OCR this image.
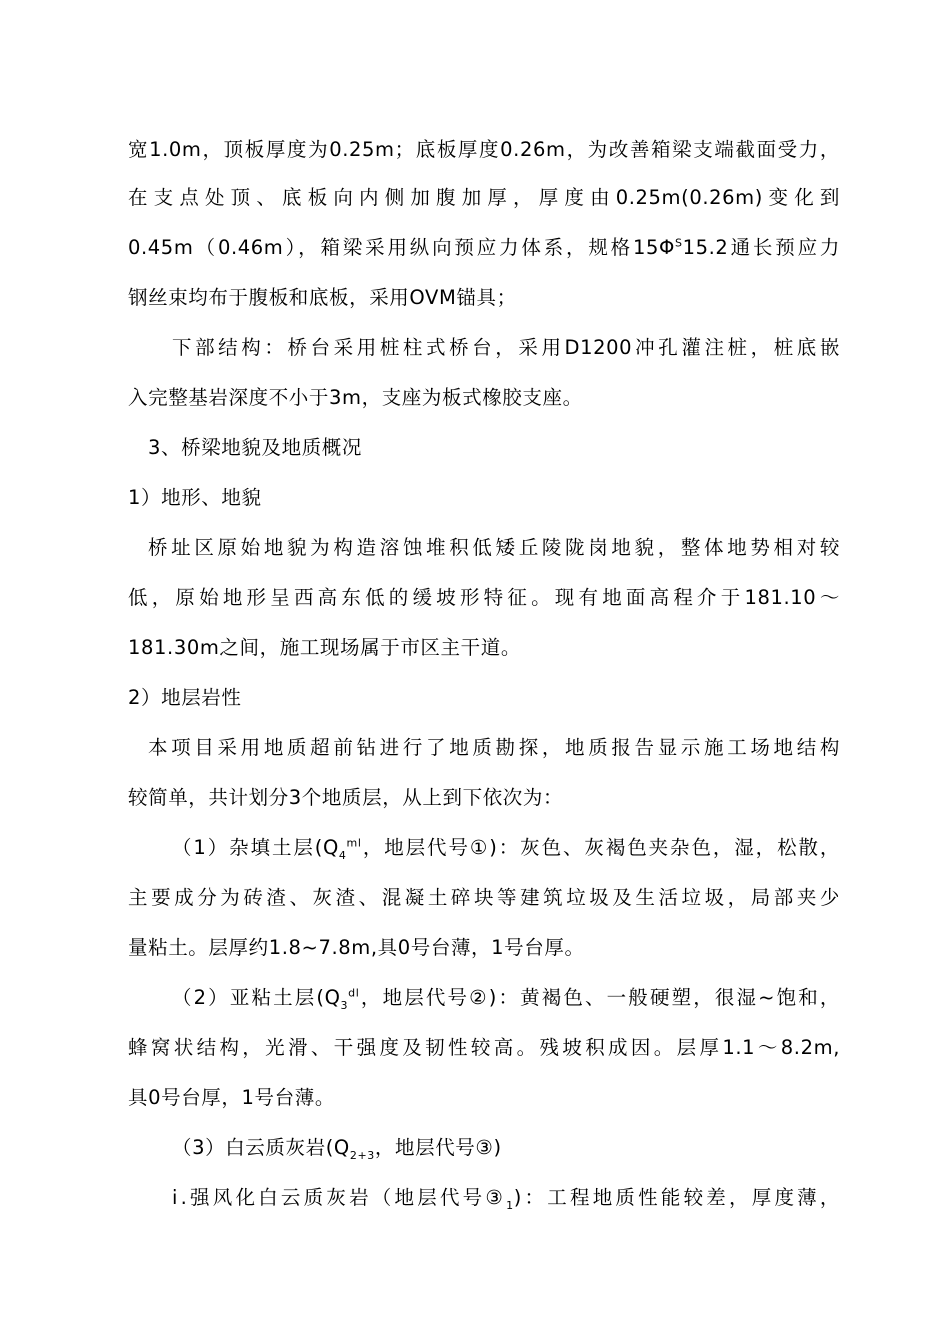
宽1.0m，顶板厚度为0.25m；底板厚度0.26m，为改善箱梁支端截面受力，
在支点处顶、底板向内侧加腹加厚，厚度由0.25m(0.26m)变化到
0.45m（0.46m），箱梁采用纵向预应力体系，规格$15\Phi^S15.2$通长预应力
钢丝束均布于腹板和底板，采用OVM锚具；
下部结构：桥台采用桩柱式桥台，采用D1200冲孔灌注桩，桩底嵌
入完整基岩深度不小于3m，支座为板式橡胶支座。
3、桥梁地貌及地质概况
1）地形、地貌
桥址区原始地貌为构造溶蚀堆积低矮丘陵陇岗地貌，整体地势相对较
低，原始地形呈西高东低的缓坡形特征。现有地面高程介于181.10～
181.30m之间，施工现场属于市区主干道。
2）地层岩性
本项目采用地质超前钻进行了地质勘探，地质报告显示施工场地结构
较简单，共计划分3个地质层，从上到下依次为：
（1）杂填土层($Q_4^{ml}$，地层代号①)：灰色、灰褐色夹杂色，湿，松散，
主要成分为砖渣、灰渣、混凝土碎块等建筑垃圾及生活垃圾，局部夹少
量粘土。层厚约1.8~7.8m,具0号台薄，1号台厚。
（2）亚粘土层($Q_3^{dl}$，地层代号②)：黄褐色、一般硬塑，很湿~饱和，
蜂窝状结构，光滑、干强度及韧性较高。残坡积成因。层厚1.1～8.2m,
具0号台厚，1号台薄。
（3）白云质灰岩($Q_{2+3}$，地层代号③)
ⅰ.强风化白云质灰岩（地层代号$③_1$)：工程地质性能较差，厚度薄，
